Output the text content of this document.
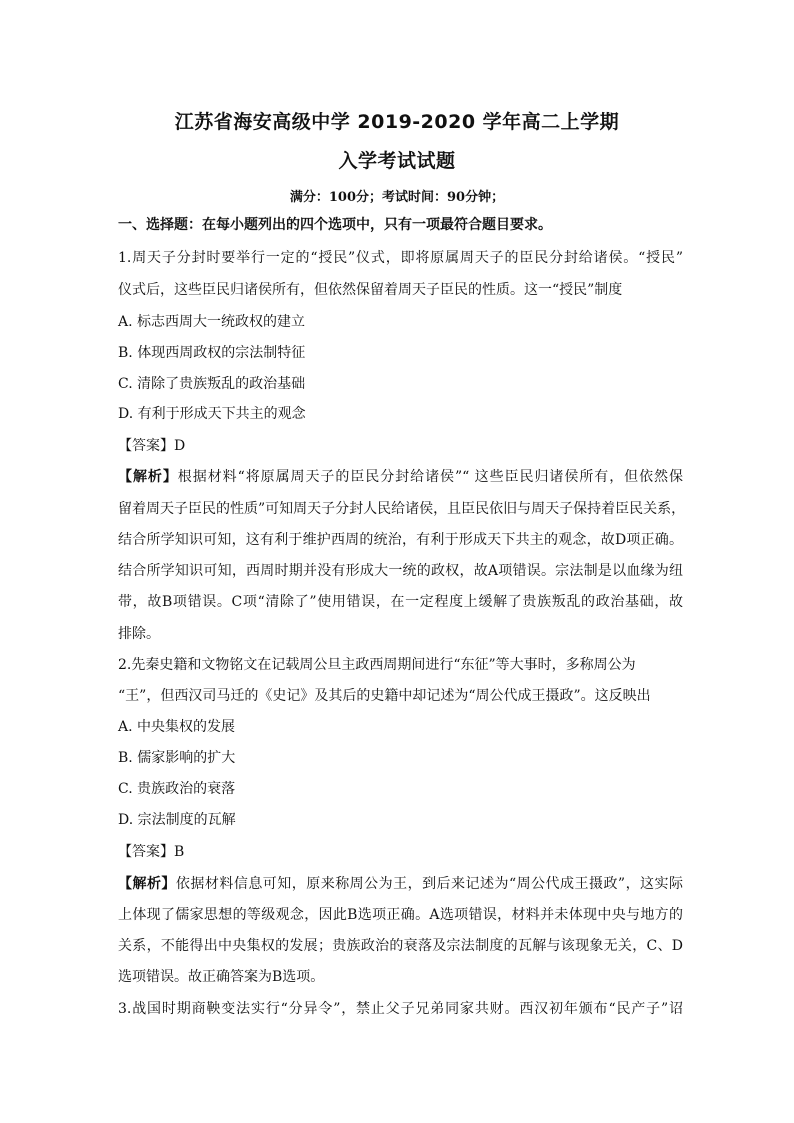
江苏省海安高级中学 2019-2020 学年高二上学期
入学考试试题
满分：100分；考试时间：90分钟；
一、选择题：在每小题列出的四个选项中，只有一项最符合题目要求。
1.周天子分封时要举行一定的“授民”仪式，即将原属周天子的臣民分封给诸侯。“授民”
仪式后，这些臣民归诸侯所有，但依然保留着周天子臣民的性质。这一“授民”制度
A. 标志西周大一统政权的建立
B. 体现西周政权的宗法制特征
C. 清除了贵族叛乱的政治基础
D. 有利于形成天下共主的观念
【答案】D
【解析】根据材料“将原属周天子的臣民分封给诸侯”“ 这些臣民归诸侯所有，但依然保
留着周天子臣民的性质”可知周天子分封人民给诸侯，且臣民依旧与周天子保持着臣民关系，
结合所学知识可知，这有利于维护西周的统治，有利于形成天下共主的观念，故D项正确。
结合所学知识可知，西周时期并没有形成大一统的政权，故A项错误。宗法制是以血缘为纽
带，故B项错误。C项“清除了”使用错误，在一定程度上缓解了贵族叛乱的政治基础，故
排除。
2.先秦史籍和文物铭文在记载周公旦主政西周期间进行“东征”等大事时，多称周公为
“王”，但西汉司马迁的《史记》及其后的史籍中却记述为“周公代成王摄政”。这反映出
A. 中央集权的发展
B. 儒家影响的扩大
C. 贵族政治的衰落
D. 宗法制度的瓦解
【答案】B
【解析】依据材料信息可知，原来称周公为王，到后来记述为“周公代成王摄政”，这实际
上体现了儒家思想的等级观念，因此B选项正确。A选项错误，材料并未体现中央与地方的
关系，不能得出中央集权的发展；贵族政治的衰落及宗法制度的瓦解与该现象无关，C、D
选项错误。故正确答案为B选项。
3.战国时期商鞅变法实行“分异令”，禁止父子兄弟同家共财。西汉初年颁布“民产子”诏
